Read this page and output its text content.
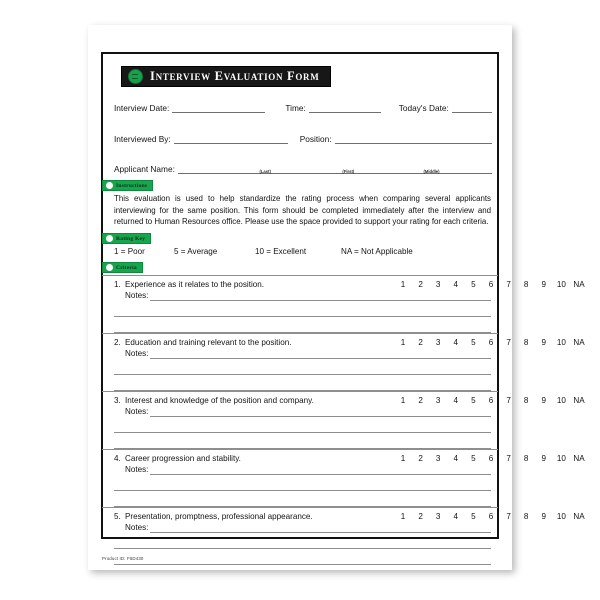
Interview Evaluation Form
Interview Date:	Time:	Today's Date:
Interviewed By:	Position:
Applicant Name:	(Last)	(First)	(Middle)
Instructions
This evaluation is used to help standardize the rating process when comparing several applicants interviewing for the same position. This form should be completed immediately after the interview and returned to Human Resources office. Please use the space provided to support your rating for each criteria.
Rating Key
1 = Poor	5 = Average	10 = Excellent	NA = Not Applicable
Criteria
1. Experience as it relates to the position.	1 2 3 4 5 6 7 8 9 10 NA
Notes:
2. Education and training relevant to the position.	1 2 3 4 5 6 7 8 9 10 NA
Notes:
3. Interest and knowledge of the position and company.	1 2 3 4 5 6 7 8 9 10 NA
Notes:
4. Career progression and stability.	1 2 3 4 5 6 7 8 9 10 NA
Notes:
5. Presentation, promptness, professional appearance.	1 2 3 4 5 6 7 8 9 10 NA
Notes:
Product ID: F6D430
